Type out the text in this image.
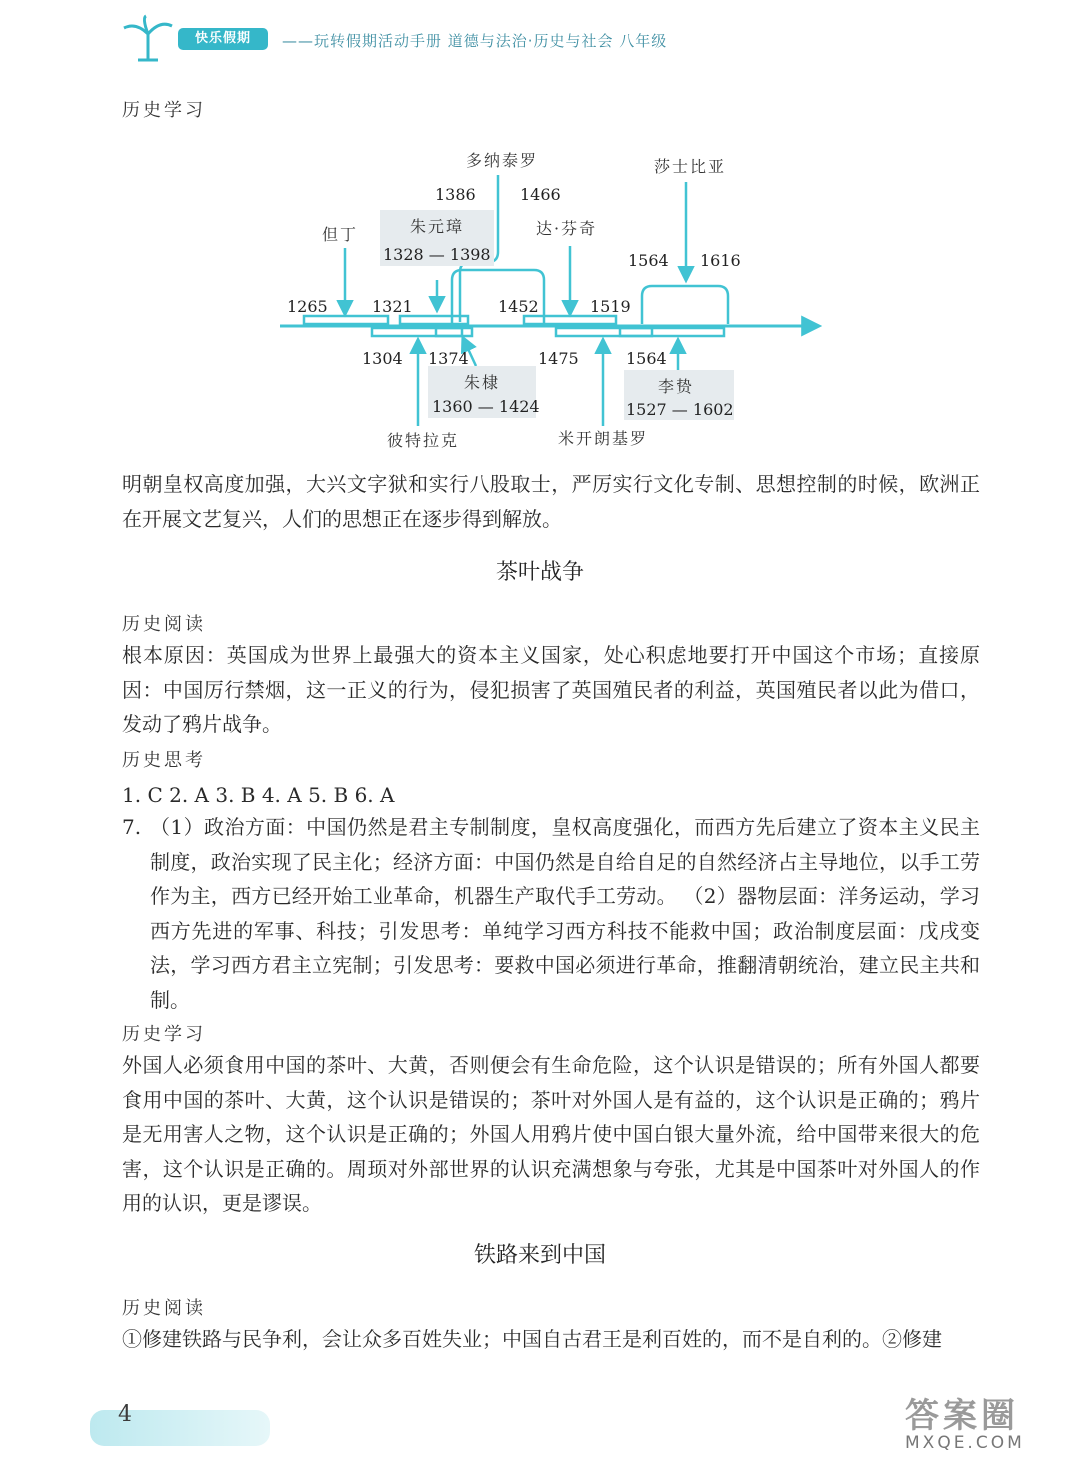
快乐假期	——玩转假期活动手册 道德与法治·历史与社会 八年级
历史学习
多纳泰罗	莎士比亚
但丁	朱元璋	达·芬奇
朱棣	李贽
彼特拉克	米开朗基罗
1328 — 1398
1360 — 1424	1527 — 1602
1386	1466
1564 1616
1265	1321	1452	1519
1304 1374	1475	1564
明朝皇权高度加强，大兴文字狱和实行八股取士，严厉实行文化专制、思想控制的时候，欧洲正在开展文艺复兴，人们的思想正在逐步得到解放。
茶叶战争
历史阅读
根本原因：英国成为世界上最强大的资本主义国家，处心积虑地要打开中国这个市场；直接原因：中国厉行禁烟，这一正义的行为，侵犯损害了英国殖民者的利益，英国殖民者以此为借口，发动了鸦片战争。
历史思考
1. C 2. A 3. B 4. A 5. B 6. A
7. （1）政治方面：中国仍然是君主专制制度，皇权高度强化，而西方先后建立了资本主义民主制度，政治实现了民主化；经济方面：中国仍然是自给自足的自然经济占主导地位，以手工劳作为主，西方已经开始工业革命，机器生产取代手工劳动。 （2）器物层面：洋务运动，学习西方先进的军事、科技；引发思考：单纯学习西方科技不能救中国；政治制度层面：戊戌变法，学习西方君主立宪制；引发思考：要救中国必须进行革命，推翻清朝统治，建立民主共和制。
历史学习
外国人必须食用中国的茶叶、大黄，否则便会有生命危险，这个认识是错误的；所有外国人都要食用中国的茶叶、大黄，这个认识是错误的；茶叶对外国人是有益的，这个认识是正确的；鸦片是无用害人之物，这个认识是正确的；外国人用鸦片使中国白银大量外流，给中国带来很大的危害，这个认识是正确的。周顼对外部世界的认识充满想象与夸张，尤其是中国茶叶对外国人的作用的认识，更是谬误。
铁路来到中国
历史阅读
①修建铁路与民争利，会让众多百姓失业；中国自古君王是利百姓的，而不是自利的。②修建
4	答案圈
MXQE.COM
